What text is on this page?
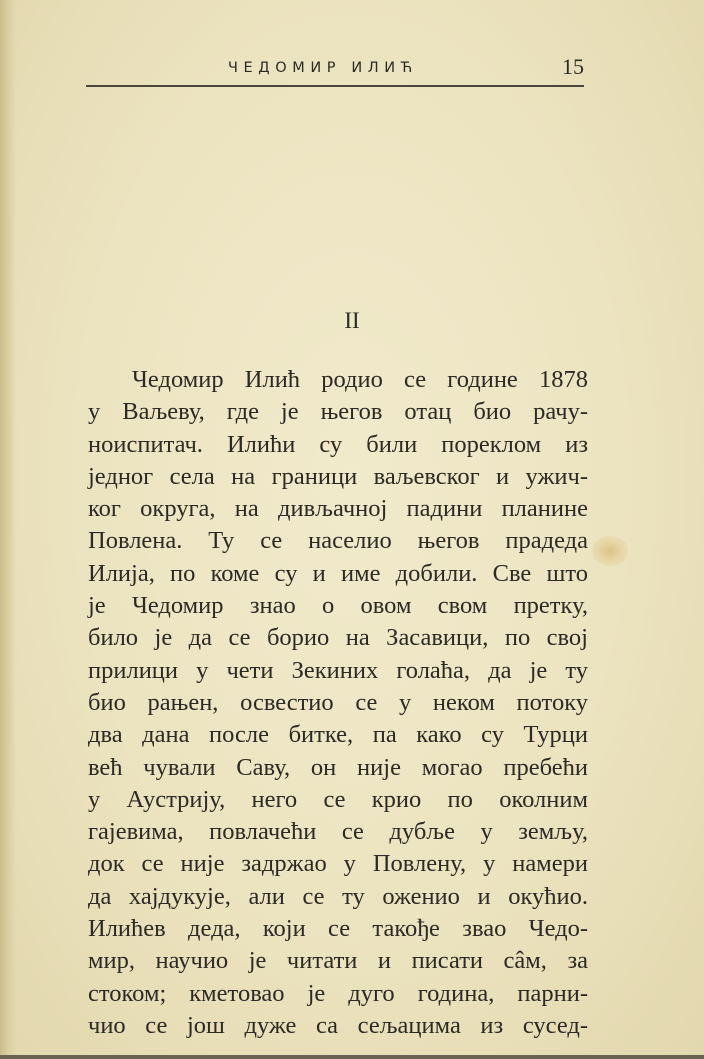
ЧЕДОМИР ИЛИЋ	15
II
Чедомир Илић родио се године 1878
у Ваљеву, где је његов отац био рачу-
ноиспитач. Илићи су били пореклом из
једног села на граници ваљевског и ужич-
ког округа, на дивљачној падини планине
Повлена. Ту се населио његов прадеда
Илија, по коме су и име добили. Све што
је Чедомир знао о овом свом претку,
било је да се борио на Засавици, по свој
прилици у чети Зекиних голаћа, да је ту
био рањен, освестио се у неком потоку
два дана после битке, па како су Турци
већ чували Саву, он није могао пребећи
у Аустрију, него се крио по околним
гајевима, повлачећи се дубље у земљу,
док се није задржао у Повлену, у намери
да хајдукује, али се ту оженио и окућио.
Илићев деда, који се такође звао Чедо-
мир, научио је читати и писати сâм, за
стоком; кметовао је дуго година, парни-
чио се још дуже са сељацима из сусед-
